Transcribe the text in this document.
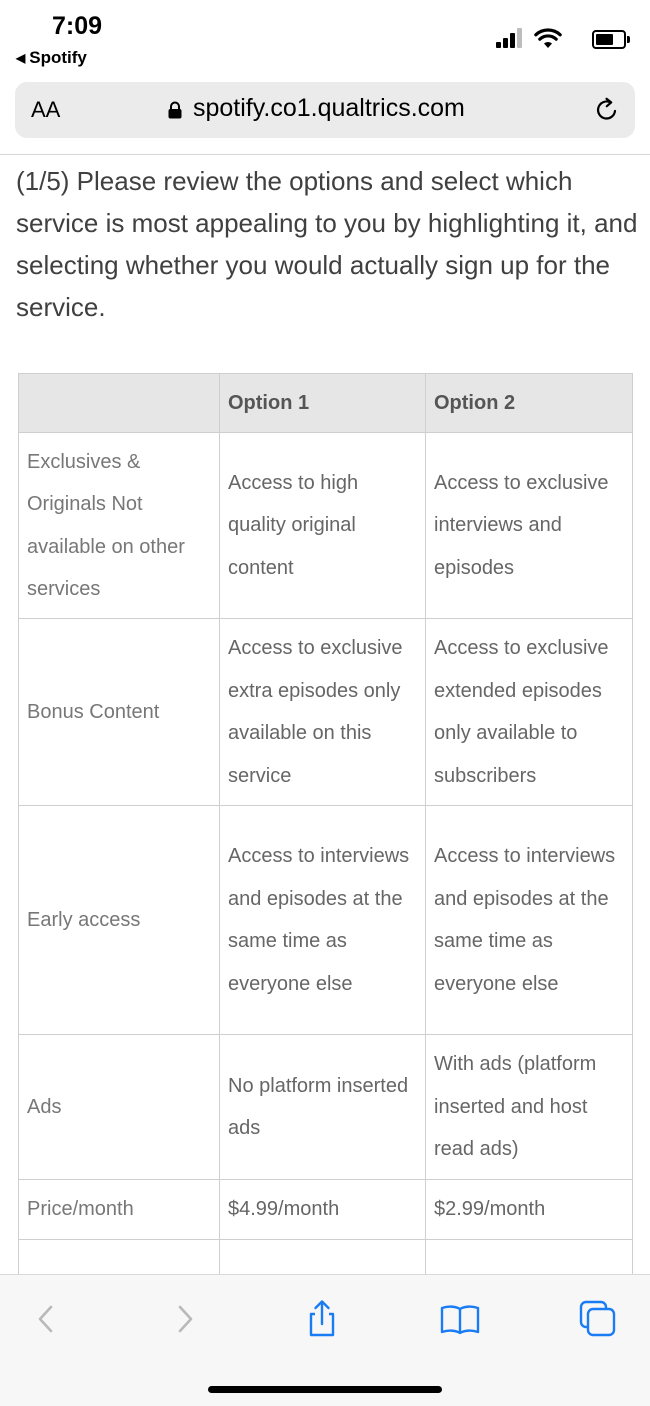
7:09
◀ Spotify
AA	spotify.co1.qualtrics.com
(1/5) Please review the options and select which service is most appealing to you by highlighting it, and selecting whether you would actually sign up for the service.
	Option 1	Option 2
Exclusives & Originals Not available on other services	Access to high quality original content	Access to exclusive interviews and episodes
Bonus Content	Access to exclusive extra episodes only available on this service	Access to exclusive extended episodes only available to subscribers
Early access	Access to interviews and episodes at the same time as everyone else	Access to interviews and episodes at the same time as everyone else
Ads	No platform inserted ads	With ads (platform inserted and host read ads)
Price/month	$4.99/month	$2.99/month
